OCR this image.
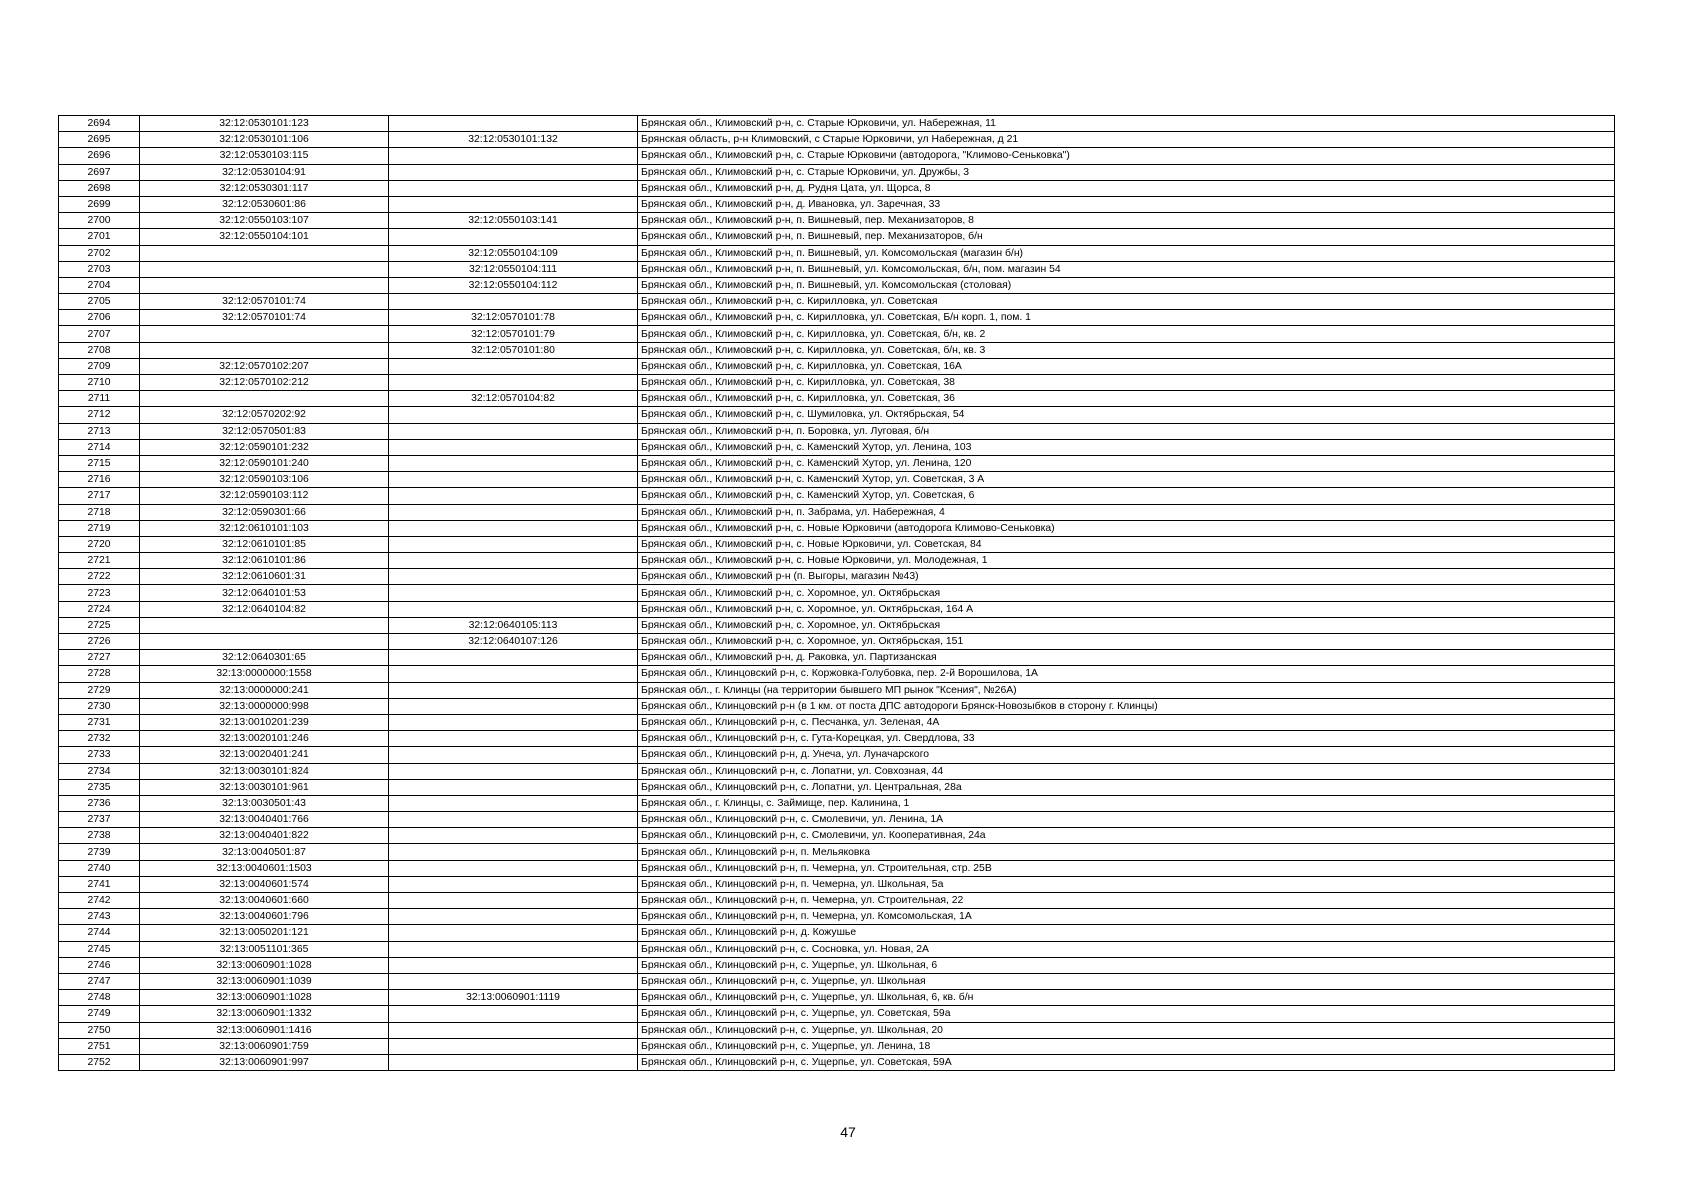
2694	32:12:0530101:123		Брянская обл., Климовский р-н, с. Старые Юрковичи, ул. Набережная, 11
2695	32:12:0530101:106	32:12:0530101:132	Брянская область, р-н Климовский, с Старые Юрковичи, ул Набережная, д 21
2696	32:12:0530103:115		Брянская обл., Климовский р-н, с. Старые Юрковичи (автодорога, "Климово-Сеньковка")
2697	32:12:0530104:91		Брянская обл., Климовский р-н, с. Старые Юрковичи, ул. Дружбы, 3
2698	32:12:0530301:117		Брянская обл., Климовский р-н, д. Рудня Цата, ул. Щорса, 8
2699	32:12:0530601:86		Брянская обл., Климовский р-н, д. Ивановка, ул. Заречная, 33
2700	32:12:0550103:107	32:12:0550103:141	Брянская обл., Климовский р-н, п. Вишневый, пер. Механизаторов, 8
2701	32:12:0550104:101		Брянская обл., Климовский р-н, п. Вишневый, пер. Механизаторов, б/н
2702		32:12:0550104:109	Брянская обл., Климовский р-н, п. Вишневый, ул. Комсомольская (магазин б/н)
2703		32:12:0550104:111	Брянская обл., Климовский р-н, п. Вишневый, ул. Комсомольская, б/н, пом. магазин 54
2704		32:12:0550104:112	Брянская обл., Климовский р-н, п. Вишневый, ул. Комсомольская (столовая)
2705	32:12:0570101:74		Брянская обл., Климовский р-н, с. Кирилловка, ул. Советская
2706	32:12:0570101:74	32:12:0570101:78	Брянская обл., Климовский р-н, с. Кирилловка, ул. Советская, Б/н корп. 1, пом. 1
2707		32:12:0570101:79	Брянская обл., Климовский р-н, с. Кирилловка, ул. Советская, б/н, кв. 2
2708		32:12:0570101:80	Брянская обл., Климовский р-н, с. Кирилловка, ул. Советская, б/н, кв. 3
2709	32:12:0570102:207		Брянская обл., Климовский р-н, с. Кирилловка, ул. Советская, 16А
2710	32:12:0570102:212		Брянская обл., Климовский р-н, с. Кирилловка, ул. Советская, 38
2711		32:12:0570104:82	Брянская обл., Климовский р-н, с. Кирилловка, ул. Советская, 36
2712	32:12:0570202:92		Брянская обл., Климовский р-н, с. Шумиловка, ул. Октябрьская, 54
2713	32:12:0570501:83		Брянская обл., Климовский р-н, п. Боровка, ул. Луговая, б/н
2714	32:12:0590101:232		Брянская обл., Климовский р-н, с. Каменский Хутор, ул. Ленина, 103
2715	32:12:0590101:240		Брянская обл., Климовский р-н, с. Каменский Хутор, ул. Ленина, 120
2716	32:12:0590103:106		Брянская обл., Климовский р-н, с. Каменский Хутор, ул. Советская, 3 А
2717	32:12:0590103:112		Брянская обл., Климовский р-н, с. Каменский Хутор, ул. Советская, 6
2718	32:12:0590301:66		Брянская обл., Климовский р-н, п. Забрама, ул. Набережная, 4
2719	32:12:0610101:103		Брянская обл., Климовский р-н, с. Новые Юрковичи (автодорога Климово-Сеньковка)
2720	32:12:0610101:85		Брянская обл., Климовский р-н, с. Новые Юрковичи, ул. Советская, 84
2721	32:12:0610101:86		Брянская обл., Климовский р-н, с. Новые Юрковичи, ул. Молодежная, 1
2722	32:12:0610601:31		Брянская обл., Климовский р-н (п. Выгоры, магазин №43)
2723	32:12:0640101:53		Брянская обл., Климовский р-н, с. Хоромное, ул. Октябрьская
2724	32:12:0640104:82		Брянская обл., Климовский р-н, с. Хоромное, ул. Октябрьская, 164 А
2725		32:12:0640105:113	Брянская обл., Климовский р-н, с. Хоромное, ул. Октябрьская
2726		32:12:0640107:126	Брянская обл., Климовский р-н, с. Хоромное, ул. Октябрьская, 151
2727	32:12:0640301:65		Брянская обл., Климовский р-н, д. Раковка, ул. Партизанская
2728	32:13:0000000:1558		Брянская обл., Клинцовский р-н, с. Коржовка-Голубовка, пер. 2-й Ворошилова, 1А
2729	32:13:0000000:241		Брянская обл., г. Клинцы (на территории бывшего МП рынок "Ксения", №26А)
2730	32:13:0000000:998		Брянская обл., Клинцовский р-н (в 1 км. от поста ДПС автодороги Брянск-Новозыбков в сторону г. Клинцы)
2731	32:13:0010201:239		Брянская обл., Клинцовский р-н, с. Песчанка, ул. Зеленая, 4А
2732	32:13:0020101:246		Брянская обл., Клинцовский р-н, с. Гута-Корецкая, ул. Свердлова, 33
2733	32:13:0020401:241		Брянская обл., Клинцовский р-н, д. Унеча, ул. Луначарского
2734	32:13:0030101:824		Брянская обл., Клинцовский р-н, с. Лопатни, ул. Совхозная, 44
2735	32:13:0030101:961		Брянская обл., Клинцовский р-н, с. Лопатни, ул. Центральная, 28а
2736	32:13:0030501:43		Брянская обл., г. Клинцы, с. Займище, пер. Калинина, 1
2737	32:13:0040401:766		Брянская обл., Клинцовский р-н, с. Смолевичи, ул. Ленина, 1А
2738	32:13:0040401:822		Брянская обл., Клинцовский р-н, с. Смолевичи, ул. Кооперативная, 24а
2739	32:13:0040501:87		Брянская обл., Клинцовский р-н, п. Мельяковка
2740	32:13:0040601:1503		Брянская обл., Клинцовский р-н, п. Чемерна, ул. Строительная, стр. 25В
2741	32:13:0040601:574		Брянская обл., Клинцовский р-н, п. Чемерна, ул. Школьная, 5а
2742	32:13:0040601:660		Брянская обл., Клинцовский р-н, п. Чемерна, ул. Строительная, 22
2743	32:13:0040601:796		Брянская обл., Клинцовский р-н, п. Чемерна, ул. Комсомольская, 1А
2744	32:13:0050201:121		Брянская обл., Клинцовский р-н, д. Кожушье
2745	32:13:0051101:365		Брянская обл., Клинцовский р-н, с. Сосновка, ул. Новая, 2А
2746	32:13:0060901:1028		Брянская обл., Клинцовский р-н, с. Ущерпье, ул. Школьная, 6
2747	32:13:0060901:1039		Брянская обл., Клинцовский р-н, с. Ущерпье, ул. Школьная
2748	32:13:0060901:1028	32:13:0060901:1119	Брянская обл., Клинцовский р-н, с. Ущерпье, ул. Школьная, 6, кв. б/н
2749	32:13:0060901:1332		Брянская обл., Клинцовский р-н, с. Ущерпье, ул. Советская, 59а
2750	32:13:0060901:1416		Брянская обл., Клинцовский р-н, с. Ущерпье, ул. Школьная, 20
2751	32:13:0060901:759		Брянская обл., Клинцовский р-н, с. Ущерпье, ул. Ленина, 18
2752	32:13:0060901:997		Брянская обл., Клинцовский р-н, с. Ущерпье, ул. Советская, 59А
47
